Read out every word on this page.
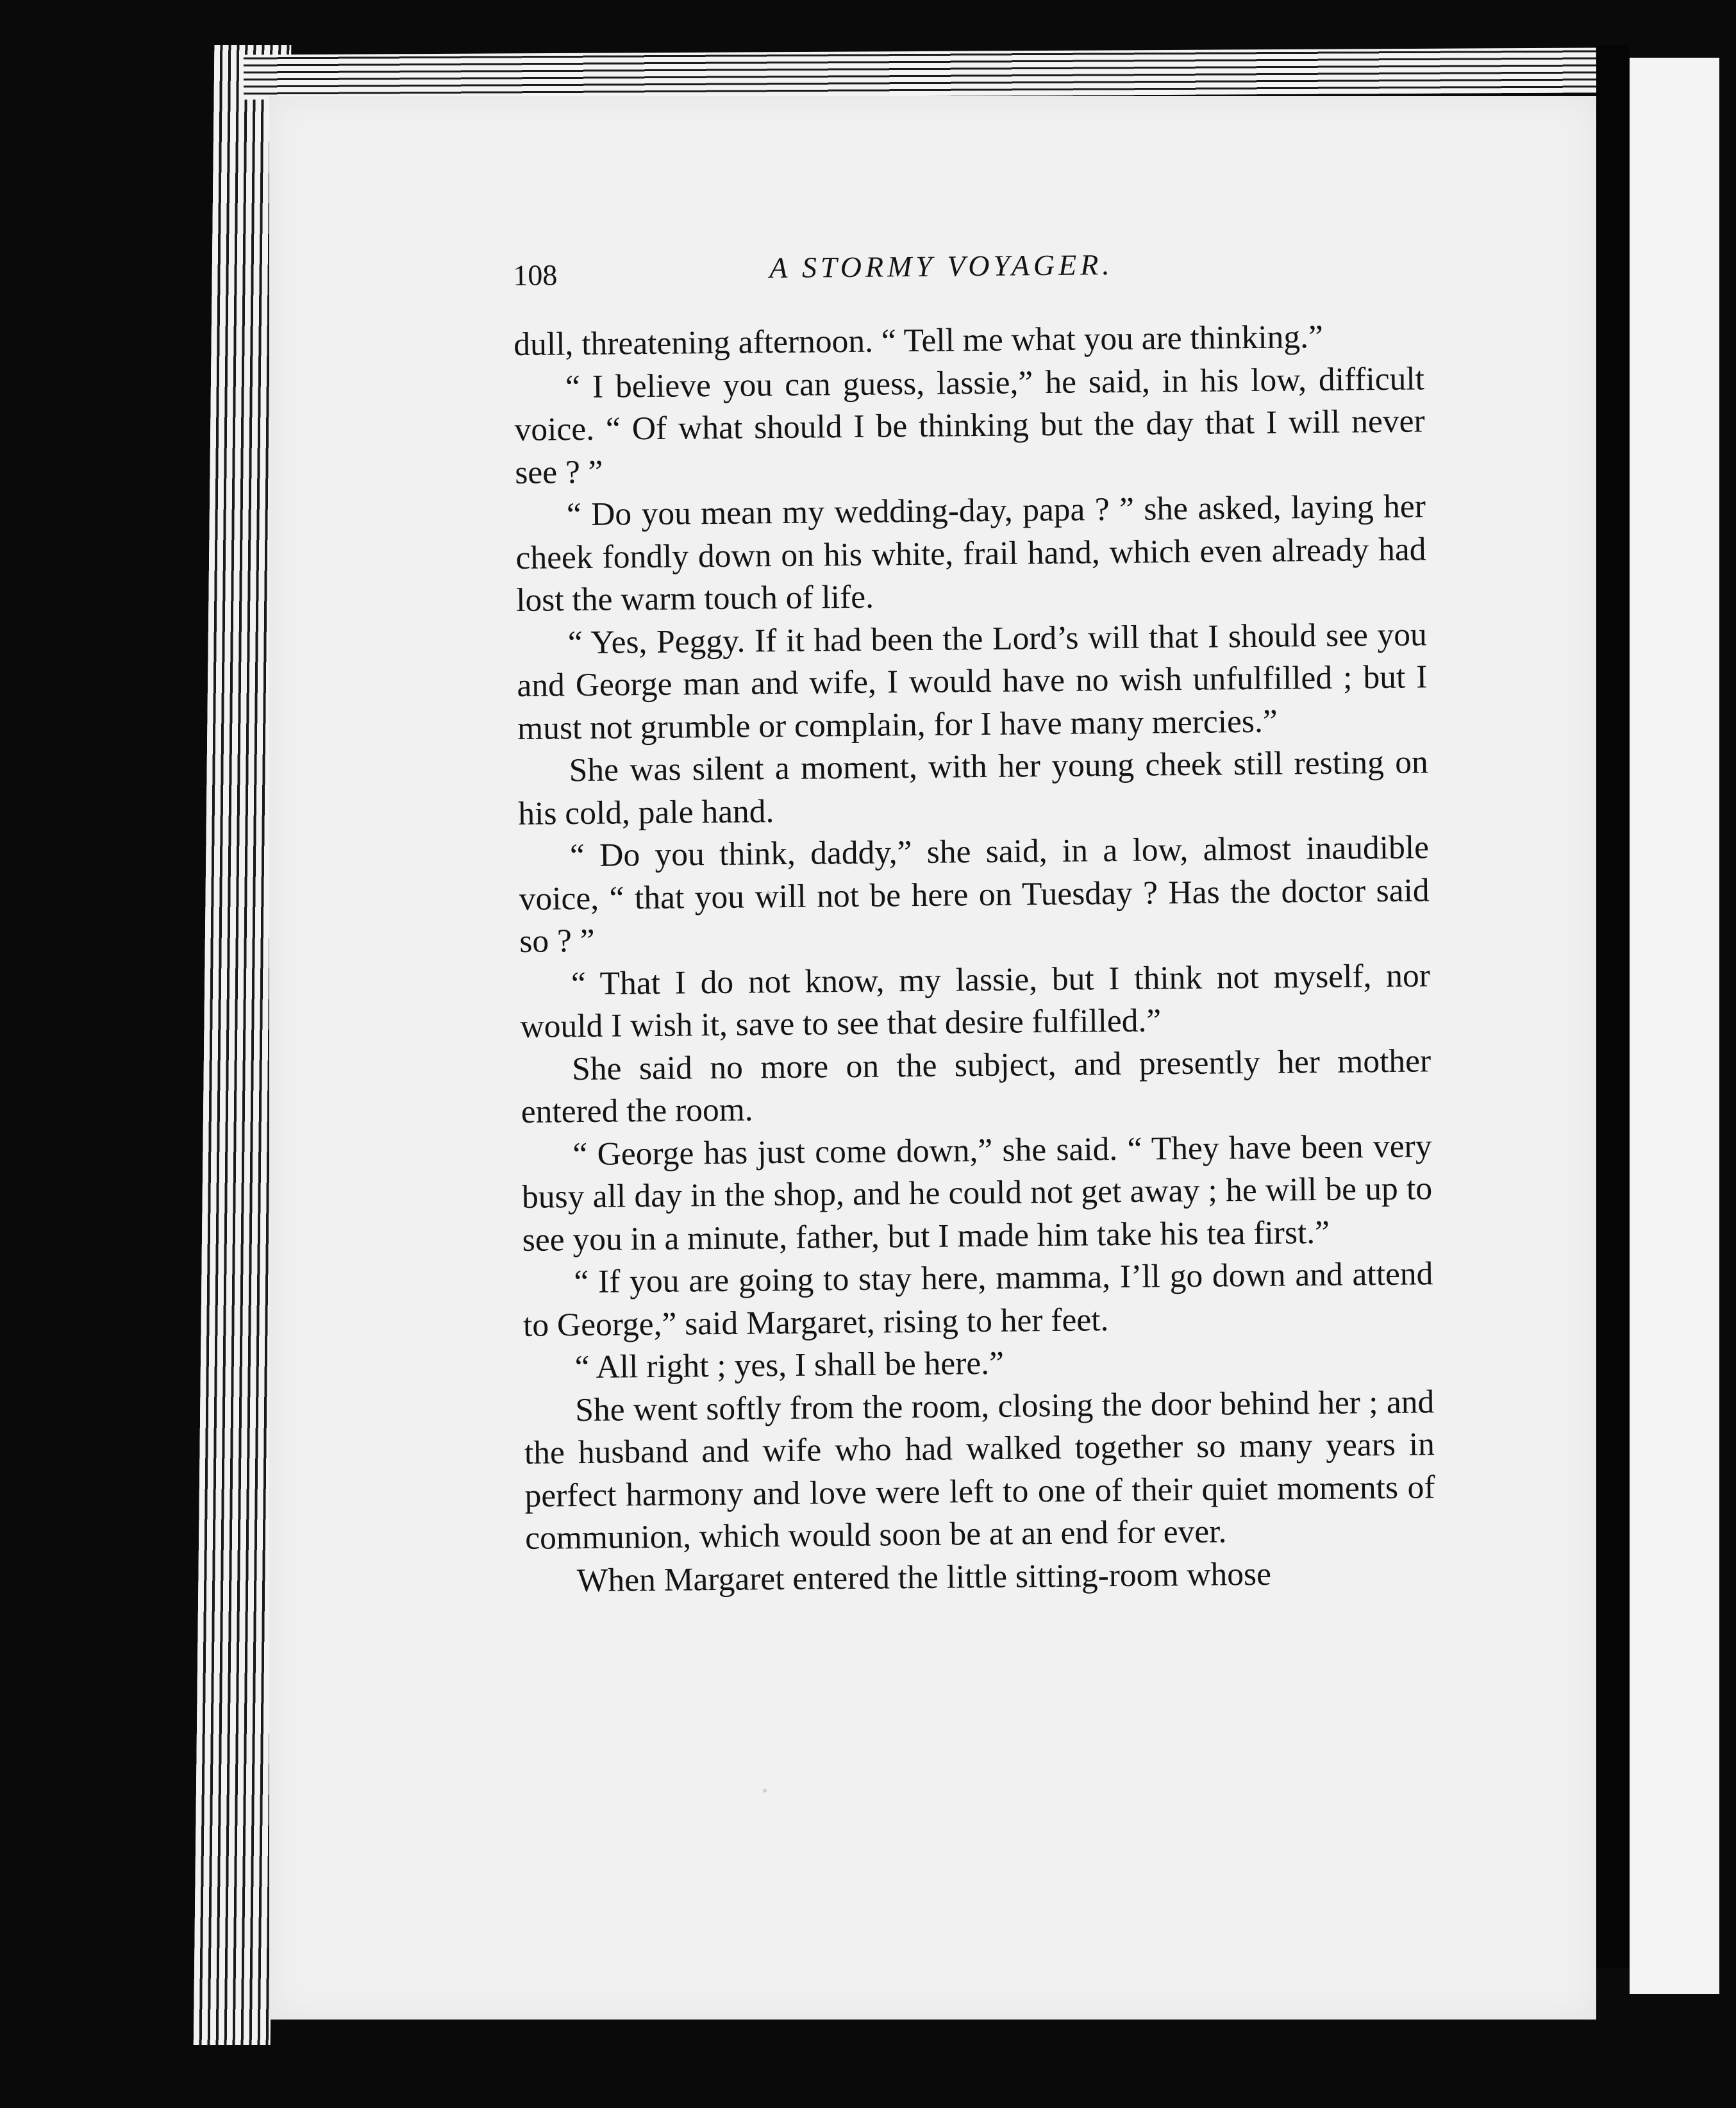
108	A STORMY VOYAGER.

dull, threatening afternoon. “ Tell me what you are thinking.”

“ I believe you can guess, lassie,” he said, in his low, difficult voice. “ Of what should I be thinking but the day that I will never see ? ”

“ Do you mean my wedding-day, papa ? ” she asked, laying her cheek fondly down on his white, frail hand, which even already had lost the warm touch of life.

“ Yes, Peggy. If it had been the Lord’s will that I should see you and George man and wife, I would have no wish unfulfilled ; but I must not grumble or complain, for I have many mercies.”

She was silent a moment, with her young cheek still resting on his cold, pale hand.

“ Do you think, daddy,” she said, in a low, almost inaudible voice, “ that you will not be here on Tuesday ? Has the doctor said so ? ”

“ That I do not know, my lassie, but I think not myself, nor would I wish it, save to see that desire fulfilled.”

She said no more on the subject, and presently her mother entered the room.

“ George has just come down,” she said. “ They have been very busy all day in the shop, and he could not get away ; he will be up to see you in a minute, father, but I made him take his tea first.”

“ If you are going to stay here, mamma, I’ll go down and attend to George,” said Margaret, rising to her feet.

“ All right ; yes, I shall be here.”

She went softly from the room, closing the door behind her ; and the husband and wife who had walked together so many years in perfect harmony and love were left to one of their quiet moments of communion, which would soon be at an end for ever.

When Margaret entered the little sitting-room whose
